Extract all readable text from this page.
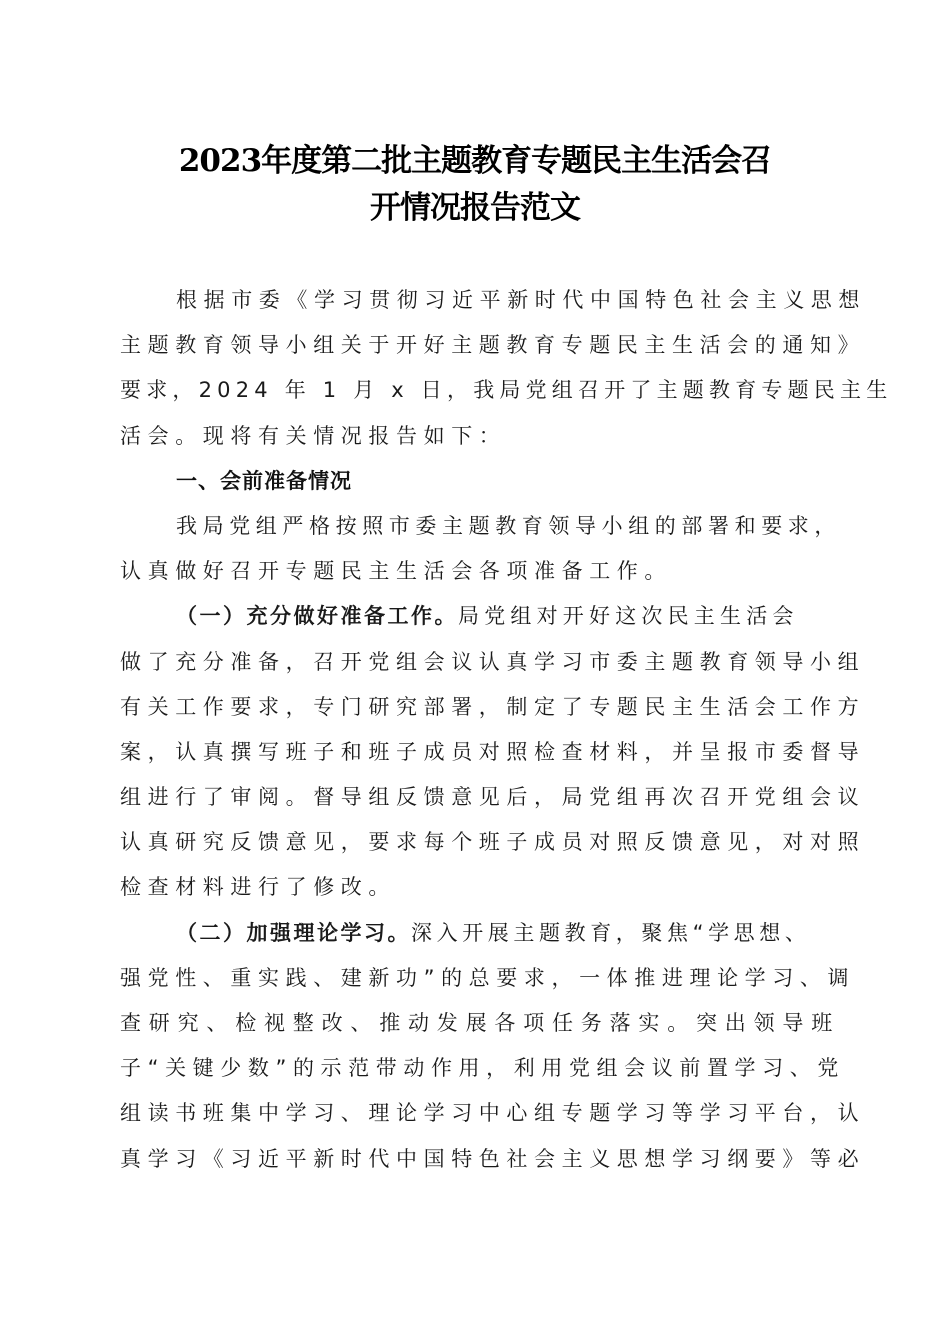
2023年度第二批主题教育专题民主生活会召
开情况报告范文
根据市委《学习贯彻习近平新时代中国特色社会主义思想
主题教育领导小组关于开好主题教育专题民主生活会的通知》
要求，2024 年 1 月 x 日，我局党组召开了主题教育专题民主生
活会。现将有关情况报告如下：
一、会前准备情况
我局党组严格按照市委主题教育领导小组的部署和要求，
认真做好召开专题民主生活会各项准备工作。
（一）充分做好准备工作。局党组对开好这次民主生活会
做了充分准备，召开党组会议认真学习市委主题教育领导小组
有关工作要求，专门研究部署，制定了专题民主生活会工作方
案，认真撰写班子和班子成员对照检查材料，并呈报市委督导
组进行了审阅。督导组反馈意见后，局党组再次召开党组会议
认真研究反馈意见，要求每个班子成员对照反馈意见，对对照
检查材料进行了修改。
（二）加强理论学习。深入开展主题教育，聚焦“学思想、
强党性、重实践、建新功”的总要求，一体推进理论学习、调
查研究、检视整改、推动发展各项任务落实。突出领导班
子“关键少数”的示范带动作用，利用党组会议前置学习、党
组读书班集中学习、理论学习中心组专题学习等学习平台，认
真学习《习近平新时代中国特色社会主义思想学习纲要》等必
